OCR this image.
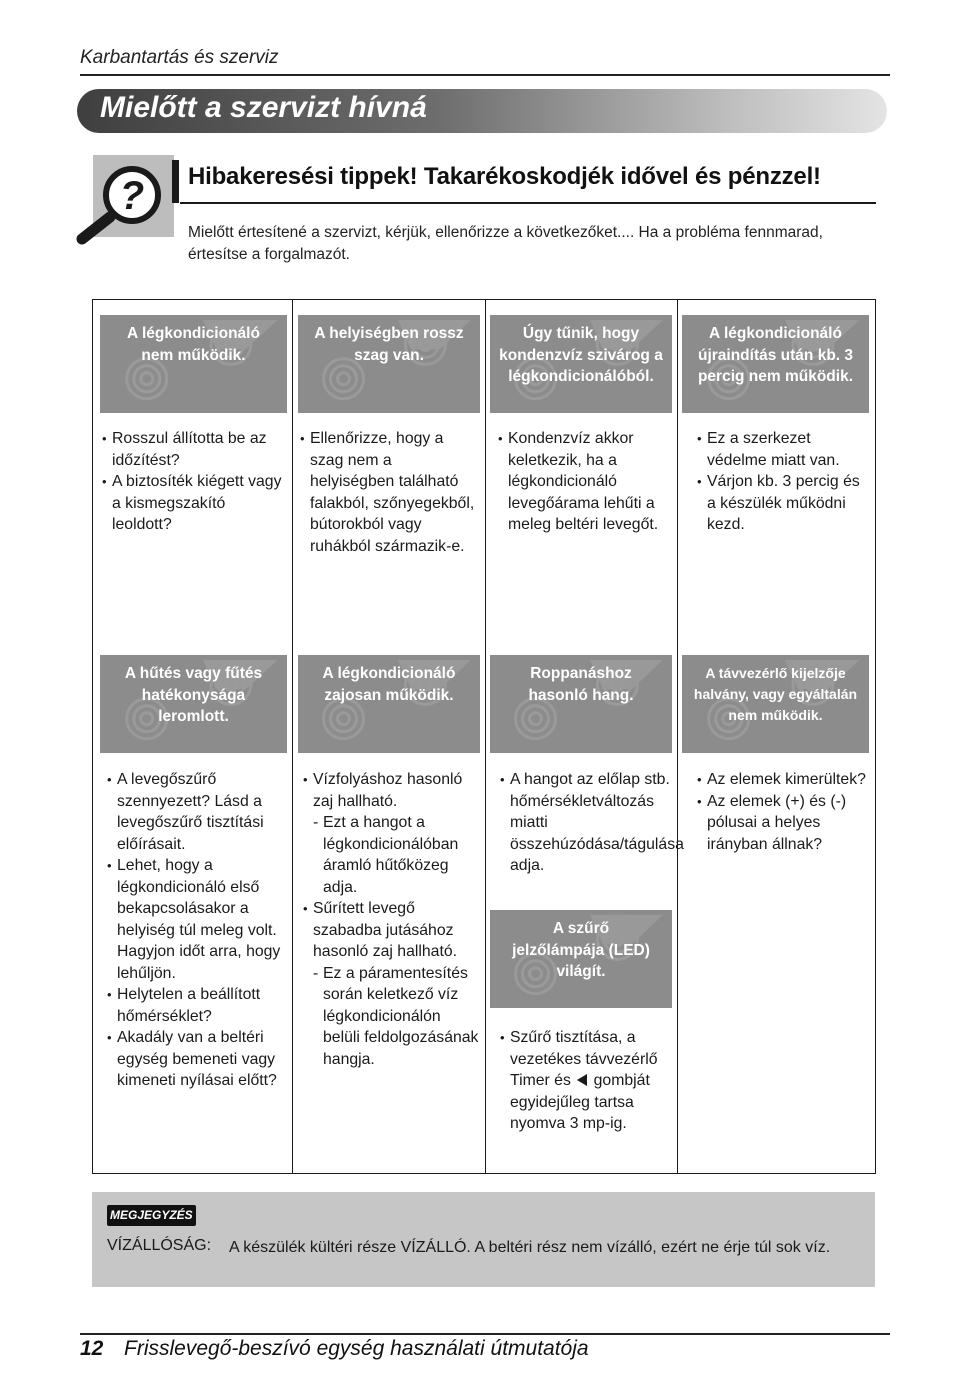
Karbantartás és szerviz
Mielőtt a szervizt hívná
? Hibakeresési tippek! Takarékoskodjék idővel és pénzzel!
Mielőtt értesítené a szervizt, kérjük, ellenőrizze a következőket.... Ha a probléma fennmarad, értesítse a forgalmazót.
A légkondicionáló nem működik.
A helyiségben rossz szag van.
Úgy tűnik, hogy kondenzvíz szivárog a légkondicionálóból.
A légkondicionáló újraindítás után kb. 3 percig nem működik.
• Rosszul állította be az időzítést?
• A biztosíték kiégett vagy a kismegszakító leoldott?
• Ellenőrizze, hogy a szag nem a helyiségben található falakból, szőnyegekből, bútorokból vagy ruhákból származik-e.
• Kondenzvíz akkor keletkezik, ha a légkondicionáló levegőárama lehűti a meleg beltéri levegőt.
• Ez a szerkezet védelme miatt van.
• Várjon kb. 3 percig és a készülék működni kezd.
A hűtés vagy fűtés hatékonysága leromlott.
A légkondicionáló zajosan működik.
Roppanáshoz hasonló hang.
A távvezérlő kijelzője halvány, vagy egyáltalán nem működik.
• A levegőszűrő szennyezett? Lásd a levegőszűrő tisztítási előírásait.
• Lehet, hogy a légkondicionáló első bekapcsolásakor a helyiség túl meleg volt. Hagyjon időt arra, hogy lehűljön.
• Helytelen a beállított hőmérséklet?
• Akadály van a beltéri egység bemeneti vagy kimeneti nyílásai előtt?
• Vízfolyáshoz hasonló zaj hallható.
- Ezt a hangot a légkondicionálóban áramló hűtőközeg adja.
• Sűrített levegő szabadba jutásához hasonló zaj hallható.
- Ez a páramentesítés során keletkező víz légkondicionálón belüli feldolgozásának hangja.
• A hangot az előlap stb. hőmérsékletváltozás miatti összehúzódása/tágulása adja.
A szűrő jelzőlámpája (LED) világít.
• Szűrő tisztítása, a vezetékes távvezérlő Timer és gombját egyidejűleg tartsa nyomva 3 mp-ig.
• Az elemek kimerültek?
• Az elemek (+) és (-) pólusai a helyes irányban állnak?
MEGJEGYZÉS
VÍZÁLLÓSÁG: A készülék kültéri része VÍZÁLLÓ. A beltéri rész nem vízálló, ezért ne érje túl sok víz.
12 Frisslevegő-beszívó egység használati útmutatója
